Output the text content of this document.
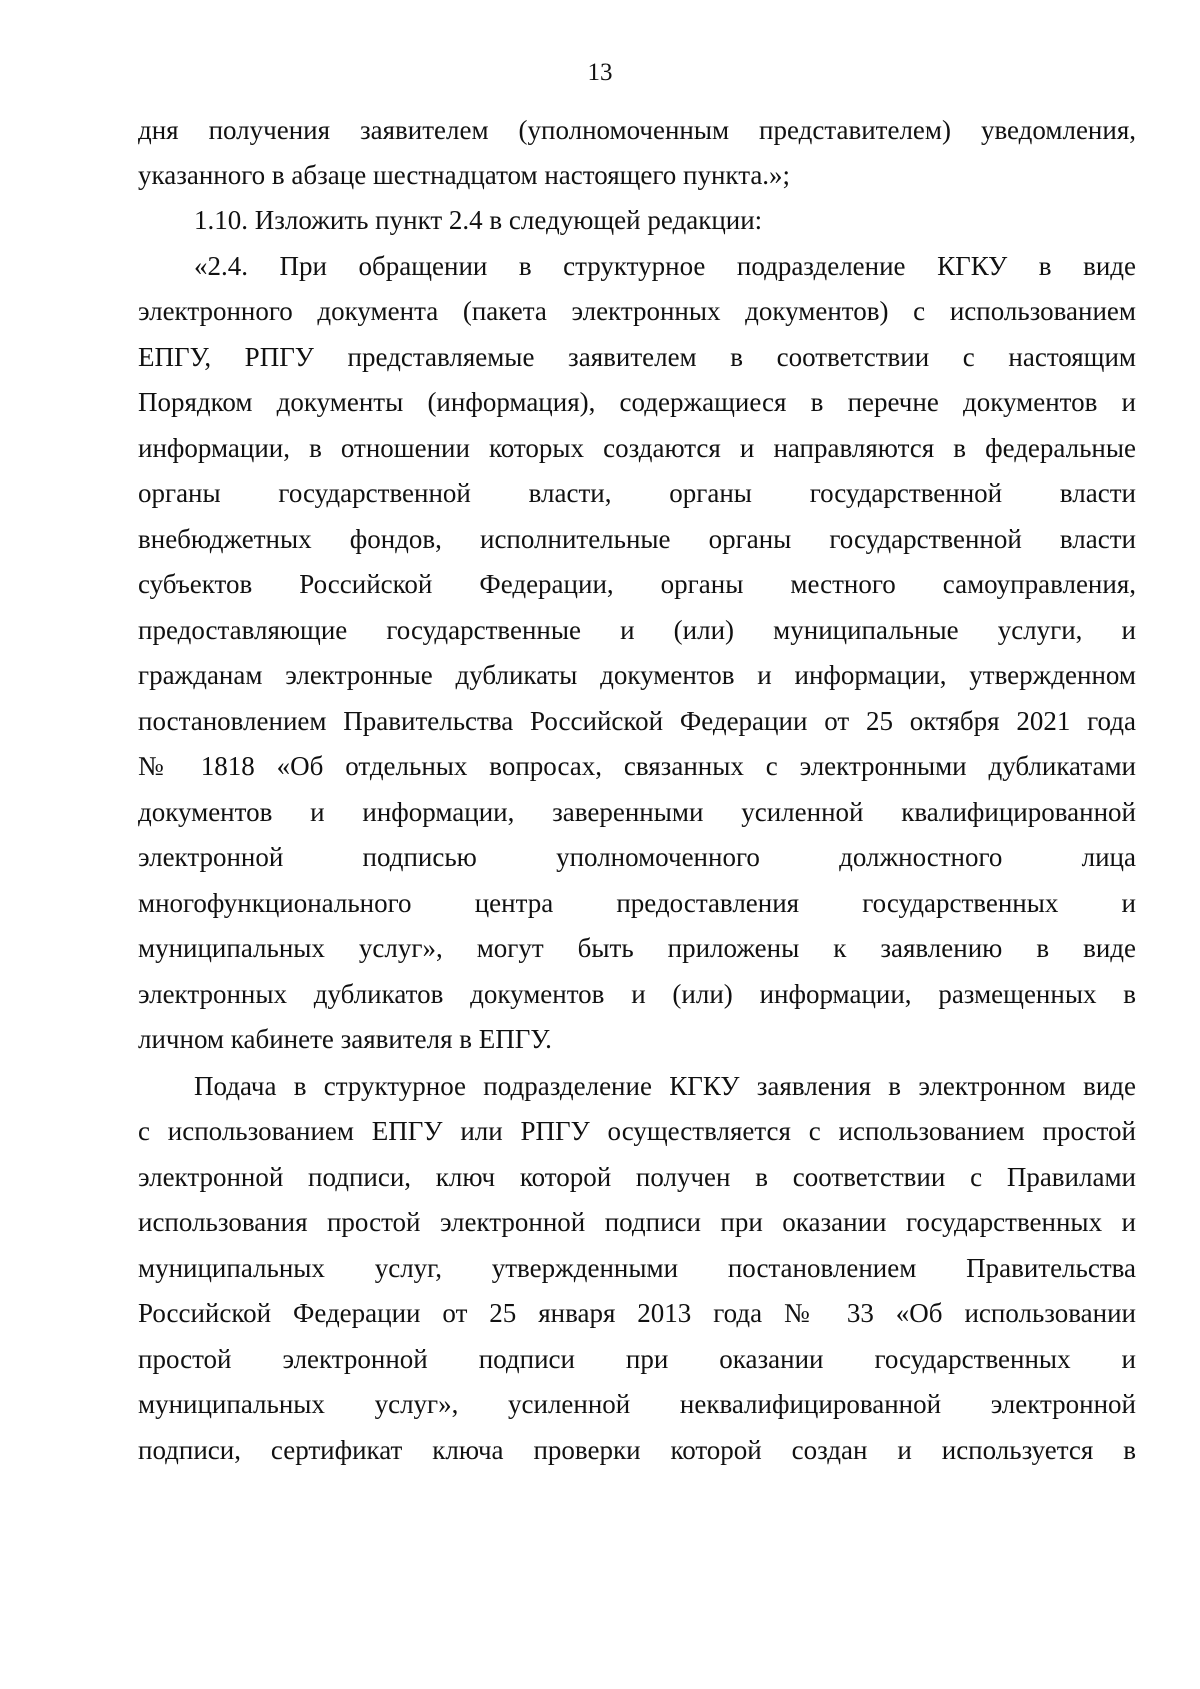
13
дня получения заявителем (уполномоченным представителем) уведомления,
указанного в абзаце шестнадцатом настоящего пункта.»;
1.10. Изложить пункт 2.4 в следующей редакции:
«2.4. При обращении в структурное подразделение КГКУ в виде
электронного документа (пакета электронных документов) с использованием
ЕПГУ, РПГУ представляемые заявителем в соответствии с настоящим
Порядком документы (информация), содержащиеся в перечне документов и
информации, в отношении которых создаются и направляются в федеральные
органы государственной власти, органы государственной власти
внебюджетных фондов, исполнительные органы государственной власти
субъектов Российской Федерации, органы местного самоуправления,
предоставляющие государственные и (или) муниципальные услуги, и
гражданам электронные дубликаты документов и информации, утвержденном
постановлением Правительства Российской Федерации от 25 октября 2021 года
№ 1818 «Об отдельных вопросах, связанных с электронными дубликатами
документов и информации, заверенными усиленной квалифицированной
электронной подписью уполномоченного должностного лица
многофункционального центра предоставления государственных и
муниципальных услуг», могут быть приложены к заявлению в виде
электронных дубликатов документов и (или) информации, размещенных в
личном кабинете заявителя в ЕПГУ.
Подача в структурное подразделение КГКУ заявления в электронном виде
с использованием ЕПГУ или РПГУ осуществляется с использованием простой
электронной подписи, ключ которой получен в соответствии с Правилами
использования простой электронной подписи при оказании государственных и
муниципальных услуг, утвержденными постановлением Правительства
Российской Федерации от 25 января 2013 года № 33 «Об использовании
простой электронной подписи при оказании государственных и
муниципальных услуг», усиленной неквалифицированной электронной
подписи, сертификат ключа проверки которой создан и используется в
